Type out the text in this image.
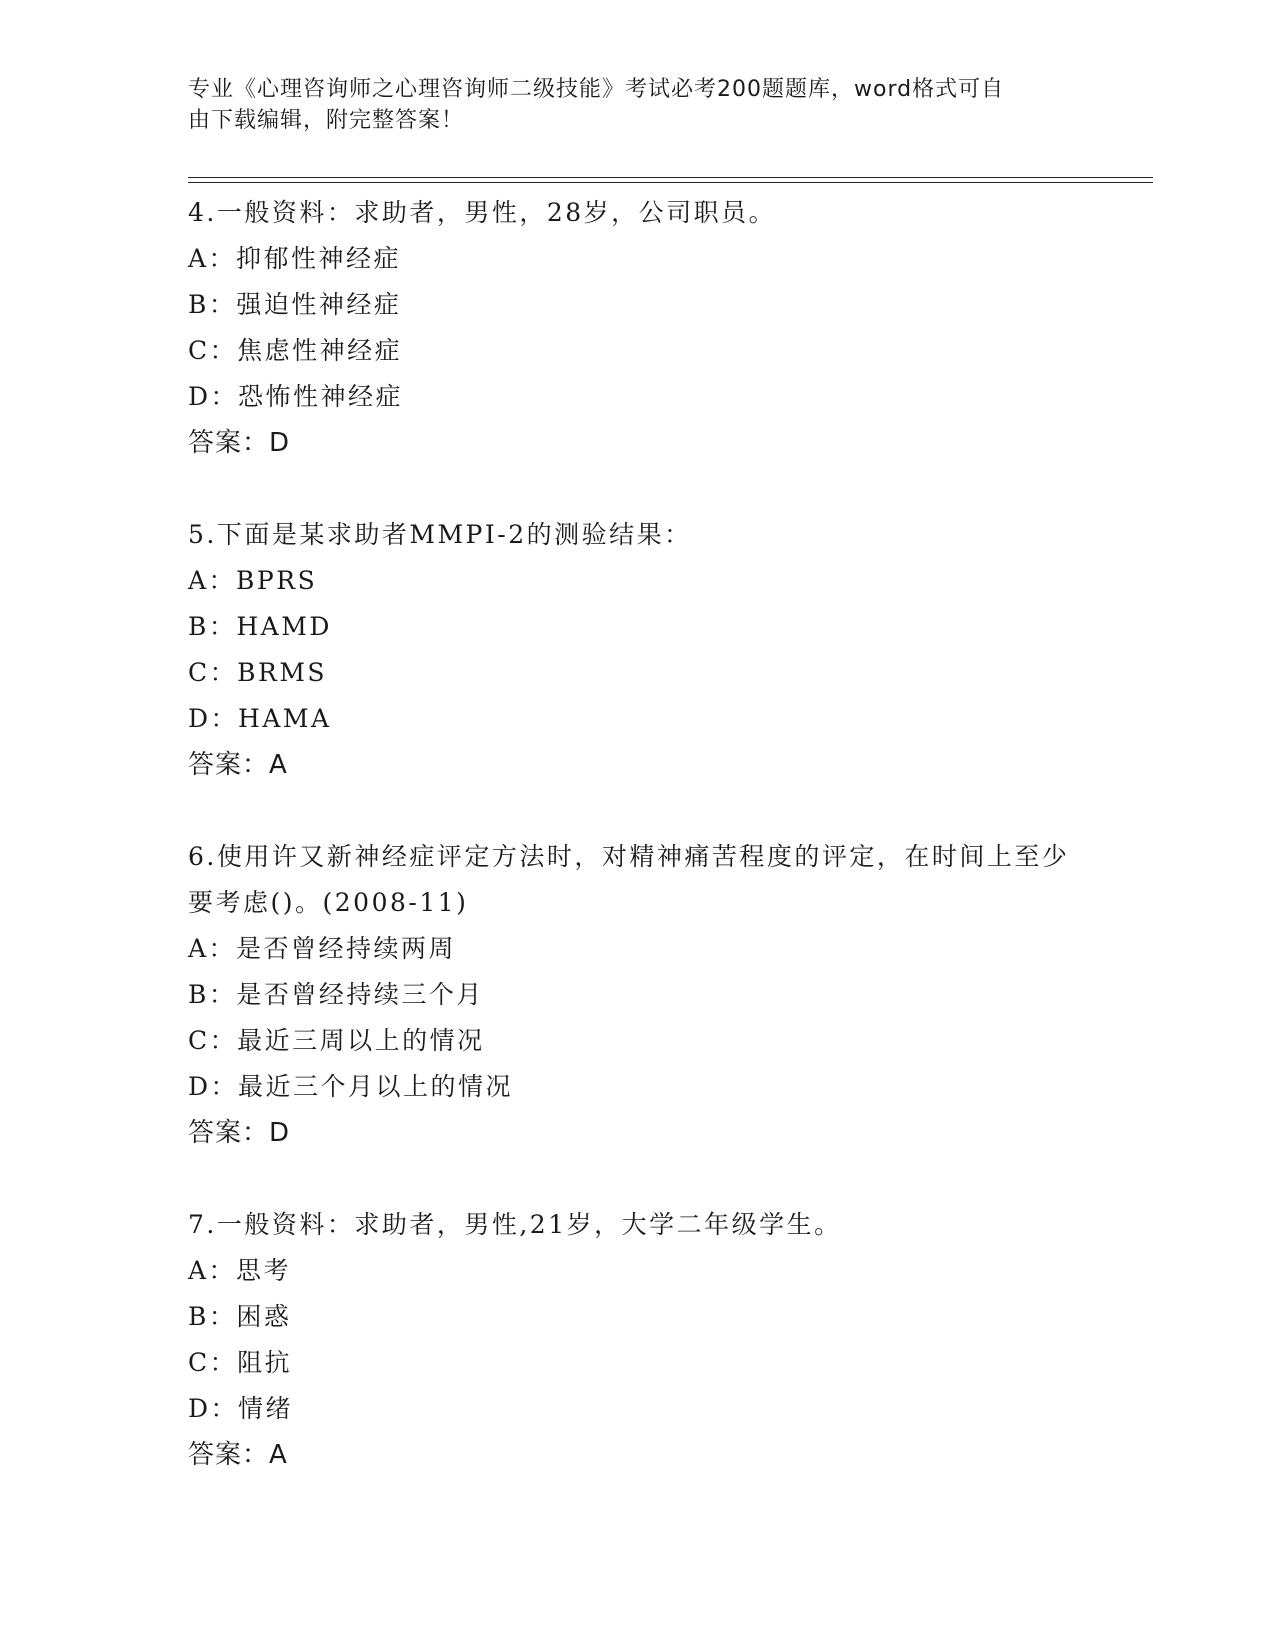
专业《心理咨询师之心理咨询师二级技能》考试必考200题题库，word格式可自
由下载编辑，附完整答案！
4.一般资料：求助者，男性，28岁，公司职员。
A：抑郁性神经症
B：强迫性神经症
C：焦虑性神经症
D：恐怖性神经症
答案：D
5.下面是某求助者MMPI-2的测验结果：
A：BPRS
B：HAMD
C：BRMS
D：HAMA
答案：A
6.使用许又新神经症评定方法时，对精神痛苦程度的评定，在时间上至少要考虑()。(2008-11)
A：是否曾经持续两周
B：是否曾经持续三个月
C：最近三周以上的情况
D：最近三个月以上的情况
答案：D
7.一般资料：求助者，男性,21岁，大学二年级学生。
A：思考
B：困惑
C：阻抗
D：情绪
答案：A
